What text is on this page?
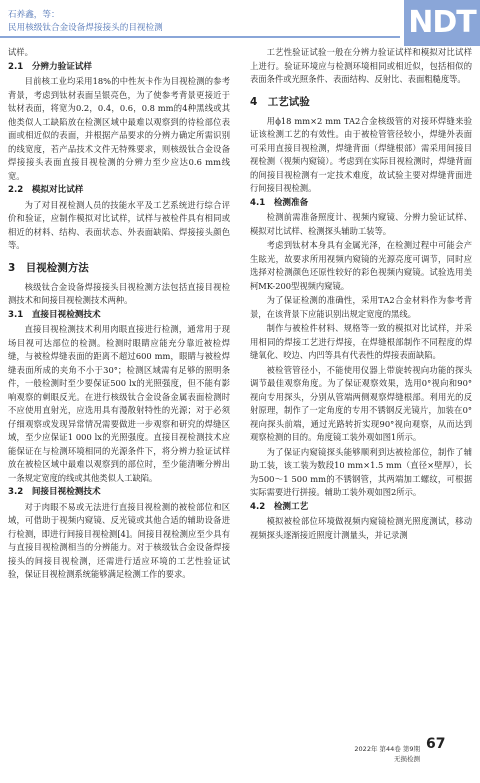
石养鑫，等：
民用核级钛合金设备焊接接头的目视检测	NDT

试样。

2.1　分辨力验证试样

目前核工业均采用18%的中性灰卡作为目视检测的参考背景，考虑到钛材表面呈银亮色，为了使参考背景更接近于钛材表面，将宽为0.2，0.4，0.6，0.8 mm的4种黑线或其他类似人工缺陷放在检测区域中最难以观察到的待检部位表面或相近似的表面，并根据产品要求的分辨力确定所需识别的线宽度，若产品技术文件无特殊要求，则核级钛合金设备焊接接头表面直接目视检测的分辨力至少应达0.6 mm线宽。

2.2　模拟对比试样

为了对目视检测人员的技能水平及工艺系统进行综合评价和验证，应制作模拟对比试样，试样与被检件具有相同或相近的材料、结构、表面状态、外表面缺陷、焊接接头颜色等。

3　目视检测方法

核级钛合金设备焊接接头目视检测方法包括直接目视检测技术和间接目视检测技术两种。

3.1　直接目视检测技术

直接目视检测技术利用肉眼直接进行检测，通常用于现场目视可达部位的检测。检测时眼睛应能充分靠近被检焊缝，与被检焊缝表面的距离不超过600 mm，眼睛与被检焊缝表面所成的夹角不小于30°；检测区域需有足够的照明条件，一般检测时至少要保证500 lx的光照强度，但不能有影响观察的刺眼反光。在进行核级钛合金设备金属表面检测时不应使用直射光，应选用具有漫散射特性的光源；对于必须仔细观察或发现异常情况需要做进一步观察和研究的焊缝区域，至少应保证1 000 lx的光照强度。直接目视检测技术应能保证在与检测环境相同的光源条件下，将分辨力验证试样放在被检区域中最难以观察到的部位时，至少能清晰分辨出一条规定宽度的线或其他类似人工缺陷。

3.2　间接目视检测技术

对于肉眼不易或无法进行直接目视检测的被检部位和区域，可借助于视频内窥镜、反光镜或其他合适的辅助设备进行检测，即进行间接目视检测[4]。间接目视检测应至少具有与直接目视检测相当的分辨能力。对于核级钛合金设备焊接接头的间接目视检测，还需进行适应环境的工艺性验证试验，保证目视检测系统能够满足检测工作的要求。

工艺性验证试验一般在分辨力验证试样和模拟对比试样上进行。验证环境应与检测环境相同或相近似，包括相似的表面条件或光照条件、表面结构、反射比、表面粗糙度等。

4　工艺试验

用ϕ18 mm×2 mm TA2合金核级管的对接环焊缝来验证该检测工艺的有效性。由于被检管管径较小，焊缝外表面可采用直接目视检测，焊缝背面（焊缝根部）需采用间接目视检测（视频内窥镜）。考虑到在实际目视检测时，焊缝背面的间接目视检测有一定技术难度，故试验主要对焊缝背面进行间接目视检测。

4.1　检测准备

检测前需准备照度计、视频内窥镜、分辨力验证试样、模拟对比试样、检测探头辅助工装等。

考虑到钛材本身具有金属光泽，在检测过程中可能会产生眩光，故要求所用视频内窥镜的光源亮度可调节，同时应选择对检测颜色还原性较好的彩色视频内窥镜。试验选用美柯MK-200型视频内窥镜。

为了保证检测的准确性，采用TA2合金材料作为参考背景，在该背景下应能识别出规定宽度的黑线。

制作与被检件材料、规格等一致的模拟对比试样，并采用相同的焊接工艺进行焊接，在焊缝根部制作不同程度的焊缝氧化、咬边、内凹等具有代表性的焊接表面缺陷。

被检管管径小，不能使用仪器上带旋转视向功能的探头调节最佳观察角度。为了保证观察效果，选用0°视向和90°视向专用探头，分别从管端两侧观察焊缝根部。利用光的反射原理，制作了一定角度的专用不锈钢反光镜片，加装在0°视向探头前端，通过光路转折实现90°视向观察，从而达到观察检测的目的。角度镜工装外观如图1所示。

为了保证内窥镜探头能够顺利到达被检部位，制作了辅助工装，该工装为数段10 mm×1.5 mm（直径×壁厚），长为500～1 500 mm的不锈钢管，其两端加工螺纹，可根据实际需要进行拼接。辅助工装外观如图2所示。

4.2　检测工艺

模拟被检部位环境做视频内窥镜检测光照度测试，移动视频探头逐渐接近照度计测量头，并记录测

2022年 第44卷 第9期
无损检测
67
